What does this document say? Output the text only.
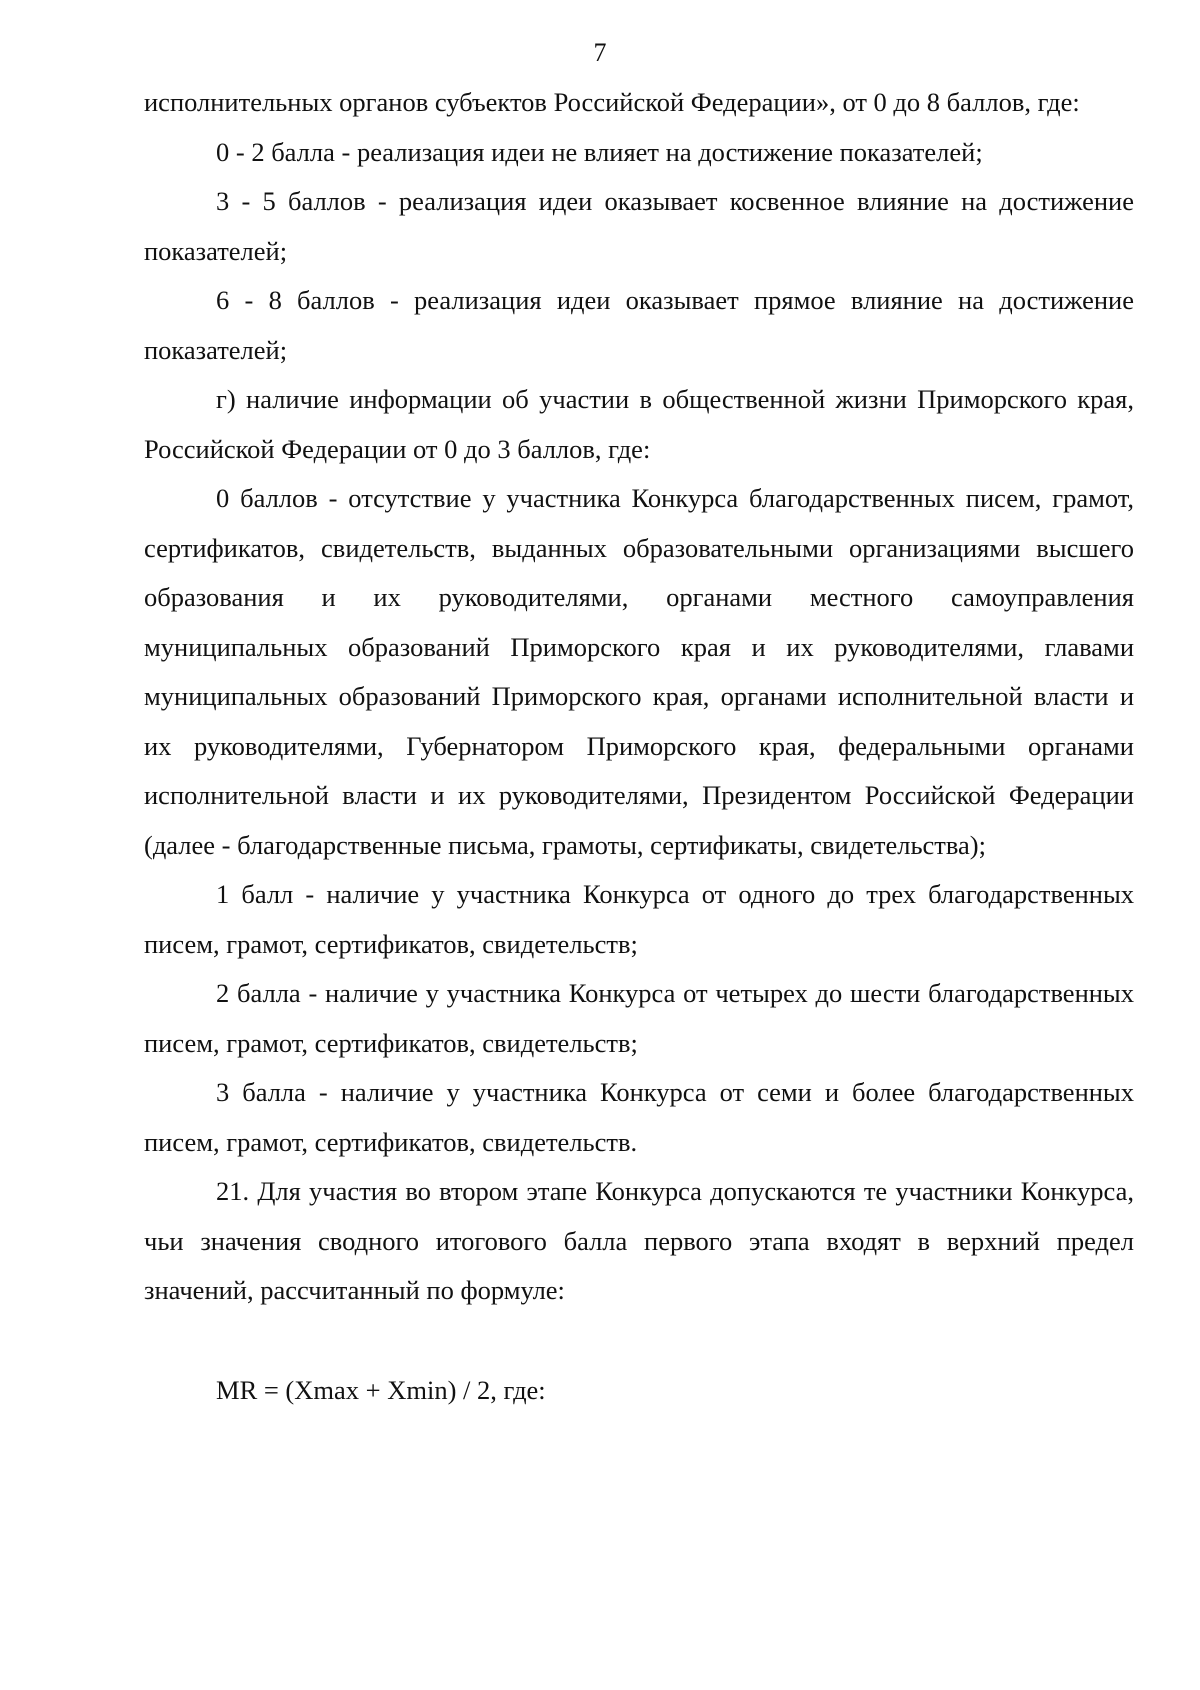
7

исполнительных органов субъектов Российской Федерации», от 0 до 8 баллов, где:

0 - 2 балла - реализация идеи не влияет на достижение показателей;

3 - 5 баллов - реализация идеи оказывает косвенное влияние на достижение показателей;

6 - 8 баллов - реализация идеи оказывает прямое влияние на достижение показателей;

г) наличие информации об участии в общественной жизни Приморского края, Российской Федерации от 0 до 3 баллов, где:

0 баллов - отсутствие у участника Конкурса благодарственных писем, грамот, сертификатов, свидетельств, выданных образовательными организациями высшего образования и их руководителями, органами местного самоуправления муниципальных образований Приморского края и их руководителями, главами муниципальных образований Приморского края, органами исполнительной власти и их руководителями, Губернатором Приморского края, федеральными органами исполнительной власти и их руководителями, Президентом Российской Федерации (далее - благодарственные письма, грамоты, сертификаты, свидетельства);

1 балл - наличие у участника Конкурса от одного до трех благодарственных писем, грамот, сертификатов, свидетельств;

2 балла - наличие у участника Конкурса от четырех до шести благодарственных писем, грамот, сертификатов, свидетельств;

3 балла - наличие у участника Конкурса от семи и более благодарственных писем, грамот, сертификатов, свидетельств.

21. Для участия во втором этапе Конкурса допускаются те участники Конкурса, чьи значения сводного итогового балла первого этапа входят в верхний предел значений, рассчитанный по формуле:

MR = (Xmax + Xmin) / 2, где:
